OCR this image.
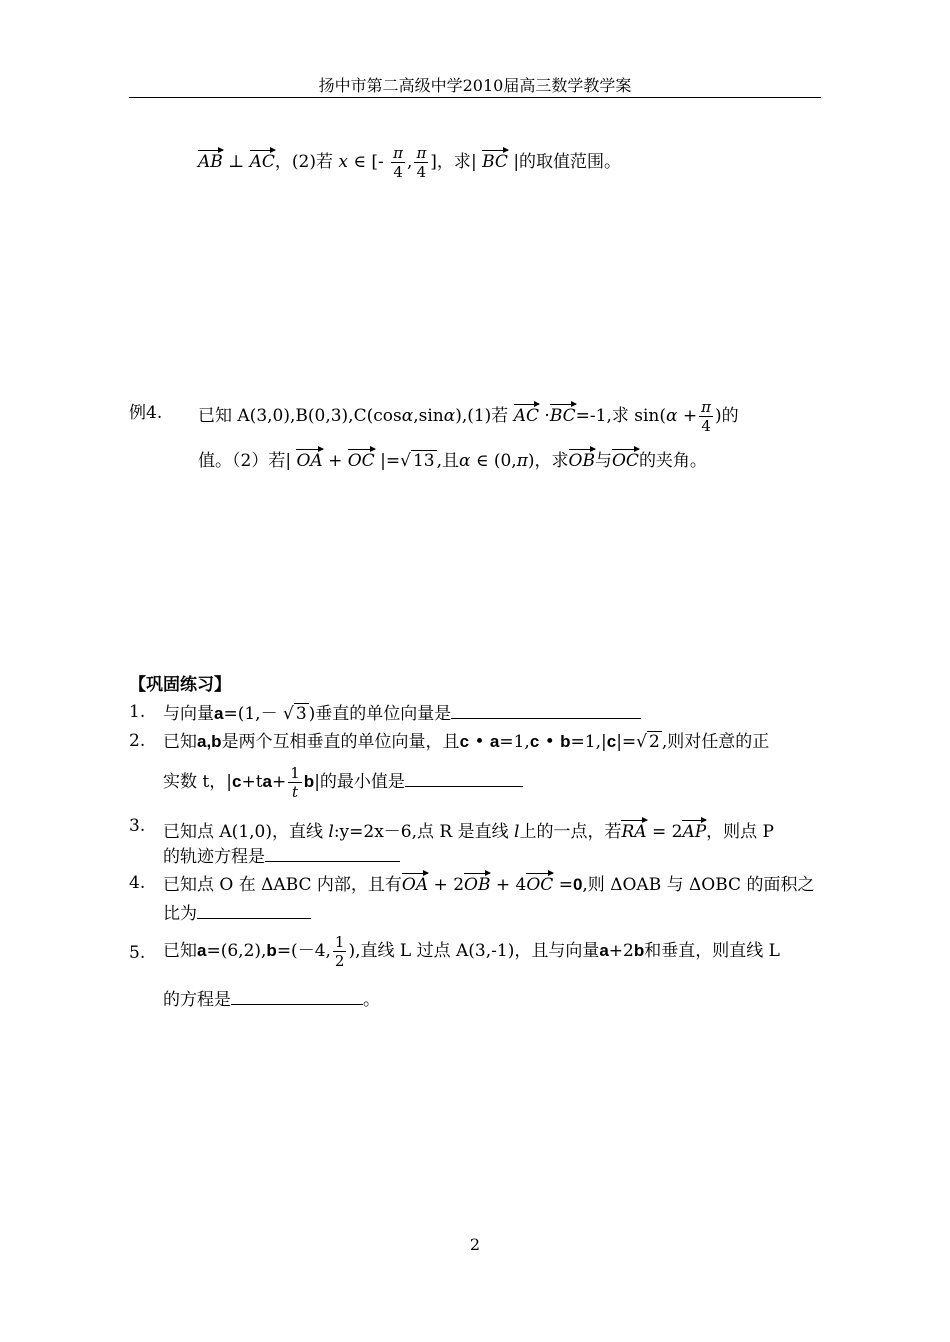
扬中市第二高级中学2010届高三数学教学案
AB ⊥ AC，(2)若 x ∈ [- $\frac{\pi}{4}$ , $\frac{\pi}{4}$ ]，求| BC |的取值范围。
例4. 已知 A(3,0),B(0,3),C(cosα,sinα),(1)若 AC ·BC=-1,求 $\sin(\alpha + \frac{\pi}{4}$ )的
值。（2）若| OA + OC |=√ 13 ,且α ∈ (0,π)，求OB与OC的夹角。
【巩固练习】
1. 与向量a=(1,－ √ 3 )垂直的单位向量是
2. 已知a,b是两个互相垂直的单位向量，且c • a=1,c • b=1,|c|=√ 2 ,则对任意的正
实数 t，$|c+ta+ \frac{1}{t} b|$的最小值是
3. 已知点 A(1,0)，直线 l:y=2x－6,点 R 是直线 l上的一点，若RA = 2AP，则点 P
的轨迹方程是
4. 已知点 O 在 ΔABC 内部，且有OA + 2OB + 4OC =0,则 ΔOAB 与 ΔOBC 的面积之
比为
5. 已知a=(6,2),b=(－4, $\frac{1}{2}$ ),直线 L 过点 A(3,-1)，且与向量a+2b和垂直，则直线 L
的方程是	。
2
